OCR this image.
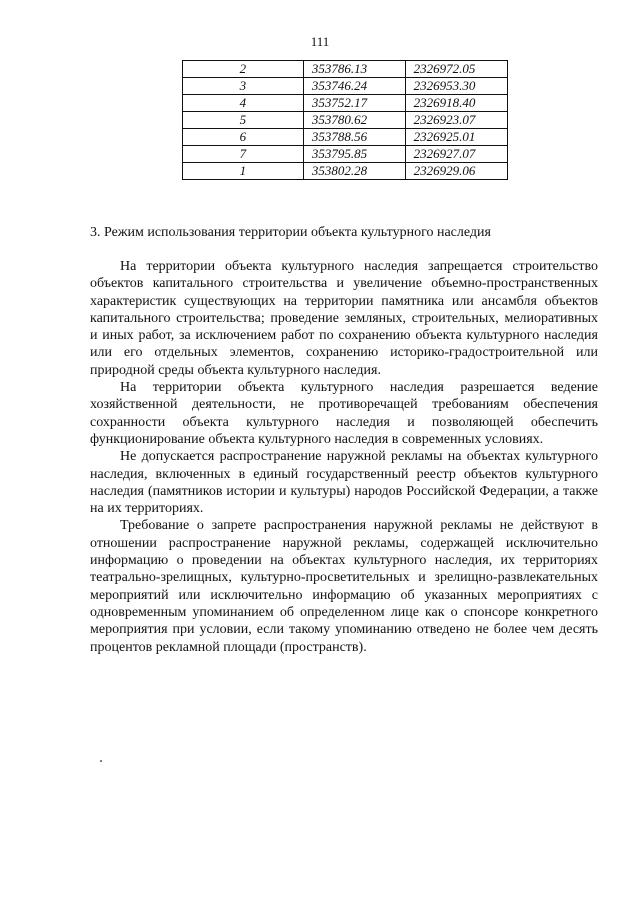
111
2	353786.13	2326972.05
3	353746.24	2326953.30
4	353752.17	2326918.40
5	353780.62	2326923.07
6	353788.56	2326925.01
7	353795.85	2326927.07
1	353802.28	2326929.06
3. Режим использования территории объекта культурного наследия

На территории объекта культурного наследия запрещается строительство объектов капитального строительства и увеличение объемно-пространственных характеристик существующих на территории памятника или ансамбля объектов капитального строительства; проведение земляных, строительных, мелиоративных и иных работ, за исключением работ по сохранению объекта культурного наследия или его отдельных элементов, сохранению историко-градостроительной или природной среды объекта культурного наследия.

На территории объекта культурного наследия разрешается ведение хозяйственной деятельности, не противоречащей требованиям обеспечения сохранности объекта культурного наследия и позволяющей обеспечить функционирование объекта культурного наследия в современных условиях.

Не допускается распространение наружной рекламы на объектах культурного наследия, включенных в единый государственный реестр объектов культурного наследия (памятников истории и культуры) народов Российской Федерации, а также на их территориях.

Требование о запрете распространения наружной рекламы не действуют в отношении распространение наружной рекламы, содержащей исключительно информацию о проведении на объектах культурного наследия, их территориях театрально-зрелищных, культурно-просветительных и зрелищно-развлекательных мероприятий или исключительно информацию об указанных мероприятиях с одновременным упоминанием об определенном лице как о спонсоре конкретного мероприятия при условии, если такому упоминанию отведено не более чем десять процентов рекламной площади (пространств).
